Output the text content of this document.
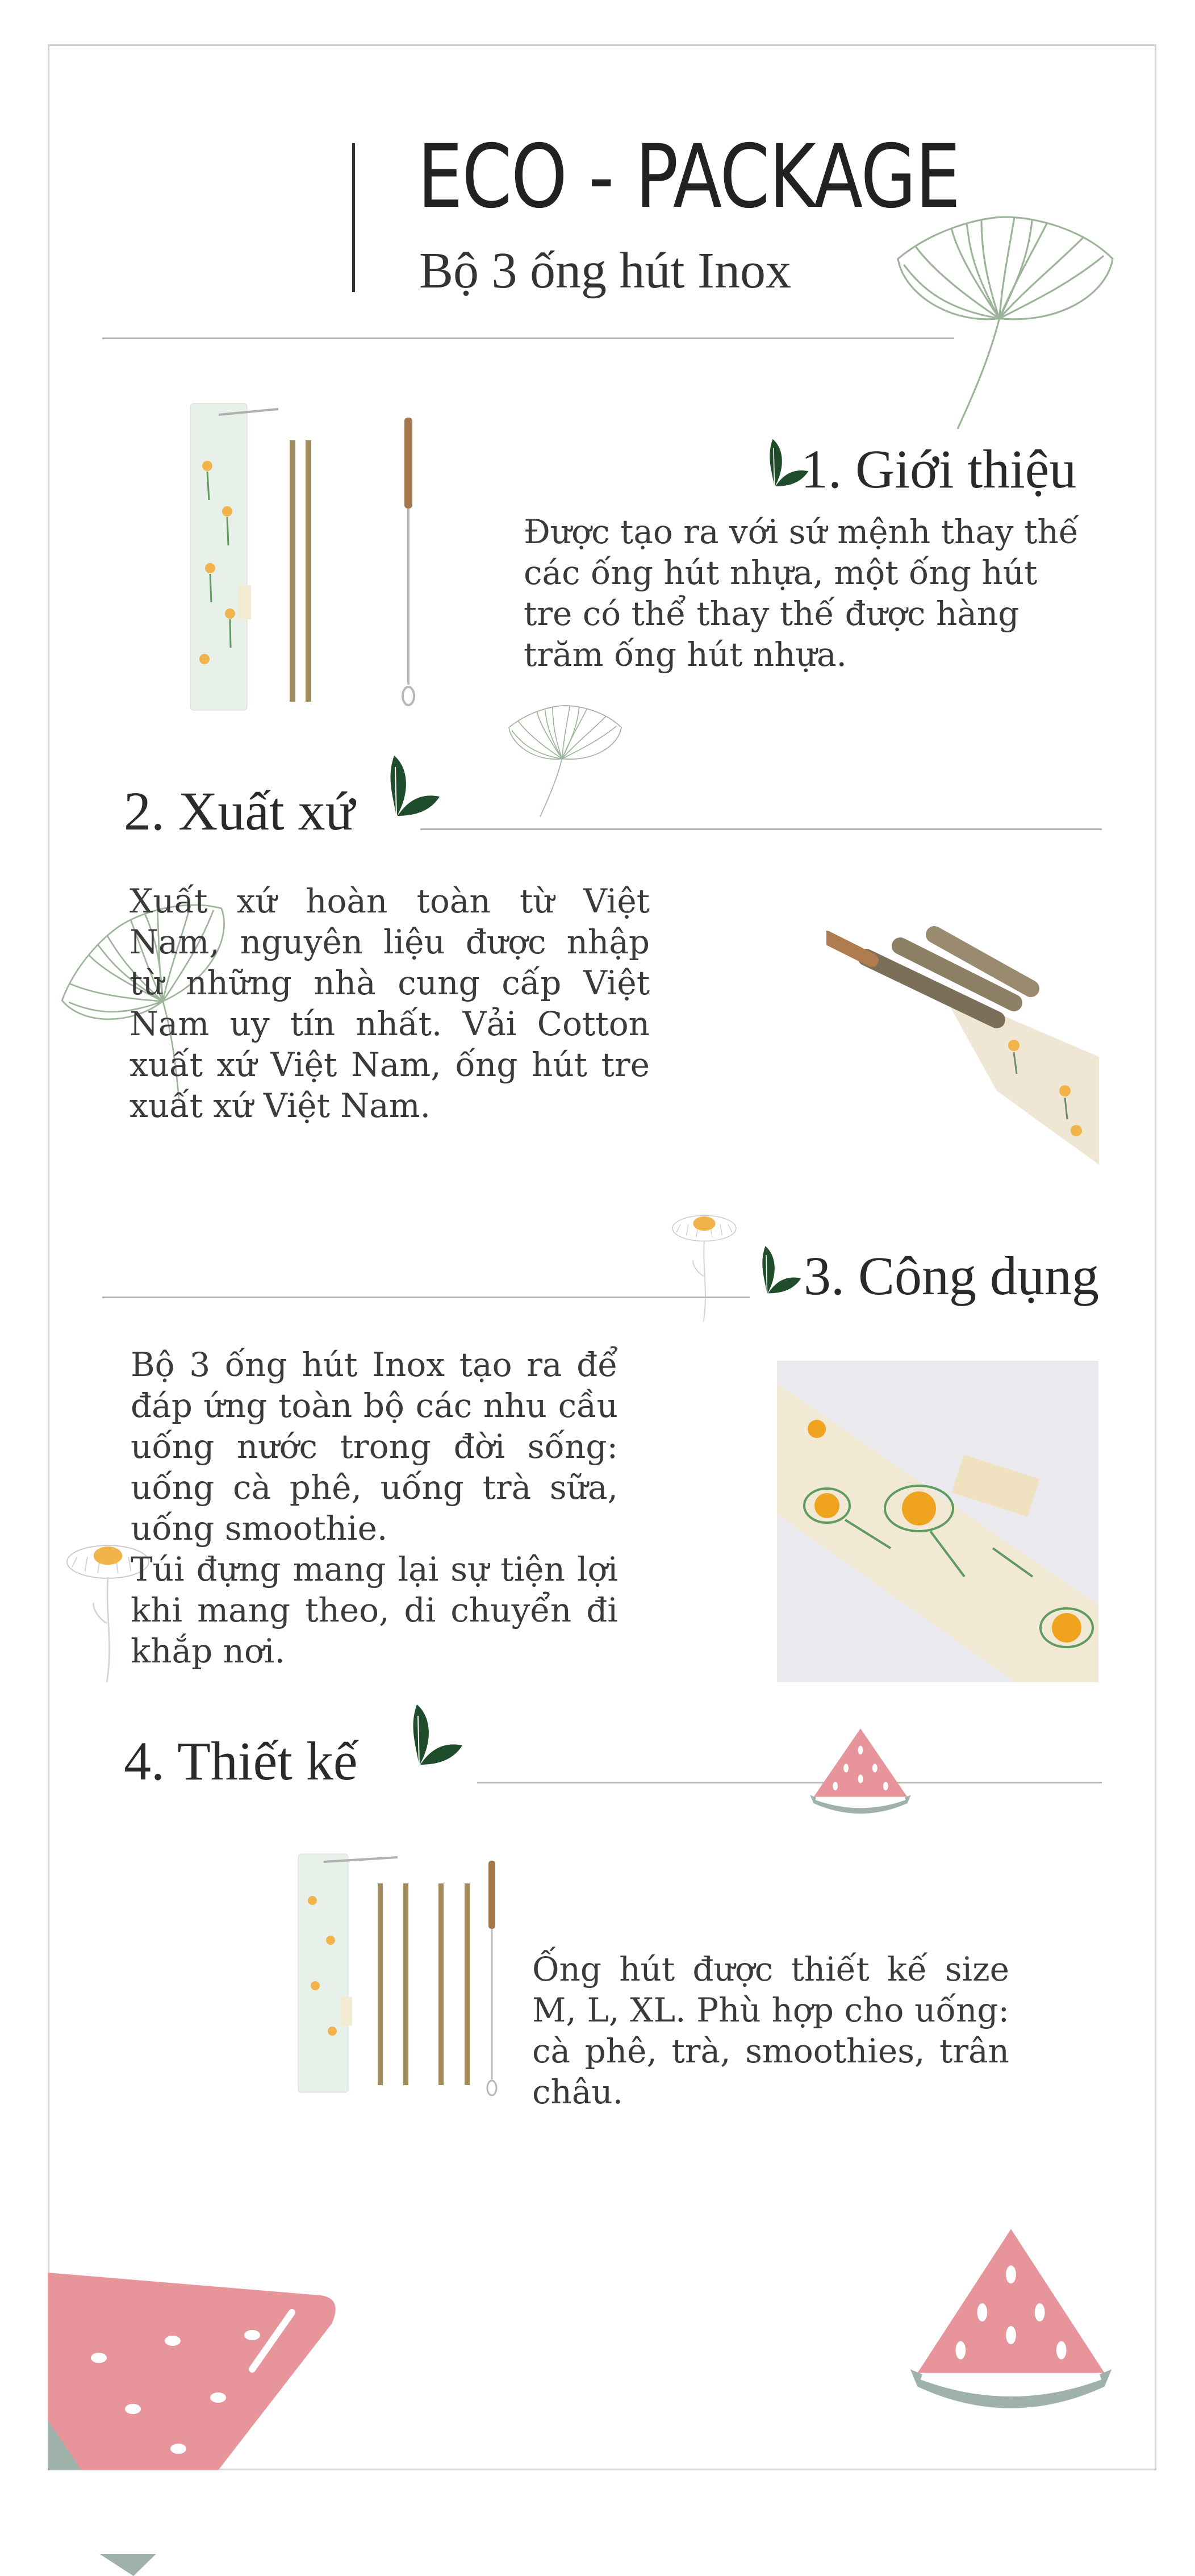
ECO - PACKAGE
Bộ 3 ống hút Inox
1. Giới thiệu
Được tạo ra với sứ mệnh thay thế các ống hút nhựa, một ống hút tre có thể thay thế được hàng trăm ống hút nhựa.
2. Xuất xứ
Xuất xứ hoàn toàn từ Việt Nam, nguyên liệu được nhập từ những nhà cung cấp Việt Nam uy tín nhất. Vải Cotton xuất xứ Việt Nam, ống hút tre xuất xứ Việt Nam.
3. Công dụng
Bộ 3 ống hút Inox tạo ra để đáp ứng toàn bộ các nhu cầu uống nước trong đời sống: uống cà phê, uống trà sữa, uống smoothie.
Túi đựng mang lại sự tiện lợi khi mang theo, di chuyển đi khắp nơi.
4. Thiết kế
Ống hút được thiết kế size M, L, XL. Phù hợp cho uống: cà phê, trà, smoothies, trân châu.
